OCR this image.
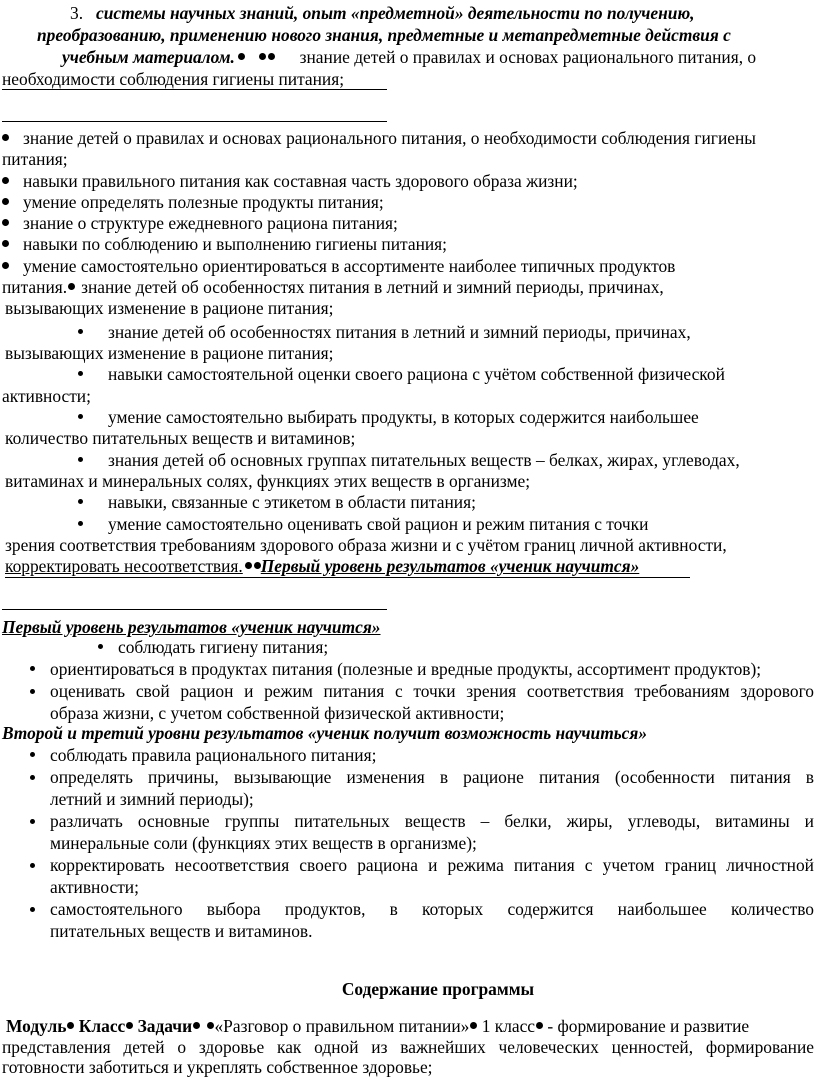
3. системы научных знаний, опыт «предметной» деятельности по получению,
преобразованию, применению нового знания, предметные и метапредметные действия с
учебным материалом.	знание детей о правилах и основах рационального питания, о
необходимости соблюдения гигиены питания;
знание детей о правилах и основах рационального питания, о необходимости соблюдения гигиены
питания;
навыки правильного питания как составная часть здорового образа жизни;
умение определять полезные продукты питания;
знание о структуре ежедневного рациона питания;
навыки по соблюдению и выполнению гигиены питания;
умение самостоятельно ориентироваться в ассортименте наиболее типичных продуктов
питания. знание детей об особенностях питания в летний и зимний периоды, причинах,
вызывающих изменение в рационе питания;
знание детей об особенностях питания в летний и зимний периоды, причинах,
вызывающих изменение в рационе питания;
навыки самостоятельной оценки своего рациона с учётом собственной физической
активности;
умение самостоятельно выбирать продукты, в которых содержится наибольшее
количество питательных веществ и витаминов;
знания детей об основных группах питательных веществ – белках, жирах, углеводах,
витаминах и минеральных солях, функциях этих веществ в организме;
навыки, связанные с этикетом в области питания;
умение самостоятельно оценивать свой рацион и режим питания с точки
зрения соответствия требованиям здорового образа жизни и с учётом границ личной активности,
корректировать несоответствия. Первый уровень результатов «ученик научится»
Первый уровень результатов «ученик научится»
соблюдать гигиену питания;
ориентироваться в продуктах питания (полезные и вредные продукты, ассортимент продуктов);
оценивать свой рацион и режим питания с точки зрения соответствия требованиям здорового
образа жизни, с учетом собственной физической активности;
Второй и третий уровни результатов «ученик получит возможность научиться»
соблюдать правила рационального питания;
определять причины, вызывающие изменения в рационе питания (особенности питания в
летний и зимний периоды);
различать основные группы питательных веществ – белки, жиры, углеводы, витамины и
минеральные соли (функциях этих веществ в организме);
корректировать несоответствия своего рациона и режима питания с учетом границ личностной
активности;
самостоятельного выбора продуктов, в которых содержится наибольшее количество
питательных веществ и витаминов.
Содержание программы
Модуль Класс Задачи «Разговор о правильном питании» 1 класс - формирование и развитие
представления детей о здоровье как одной из важнейших человеческих ценностей, формирование
готовности заботиться и укреплять собственное здоровье;
